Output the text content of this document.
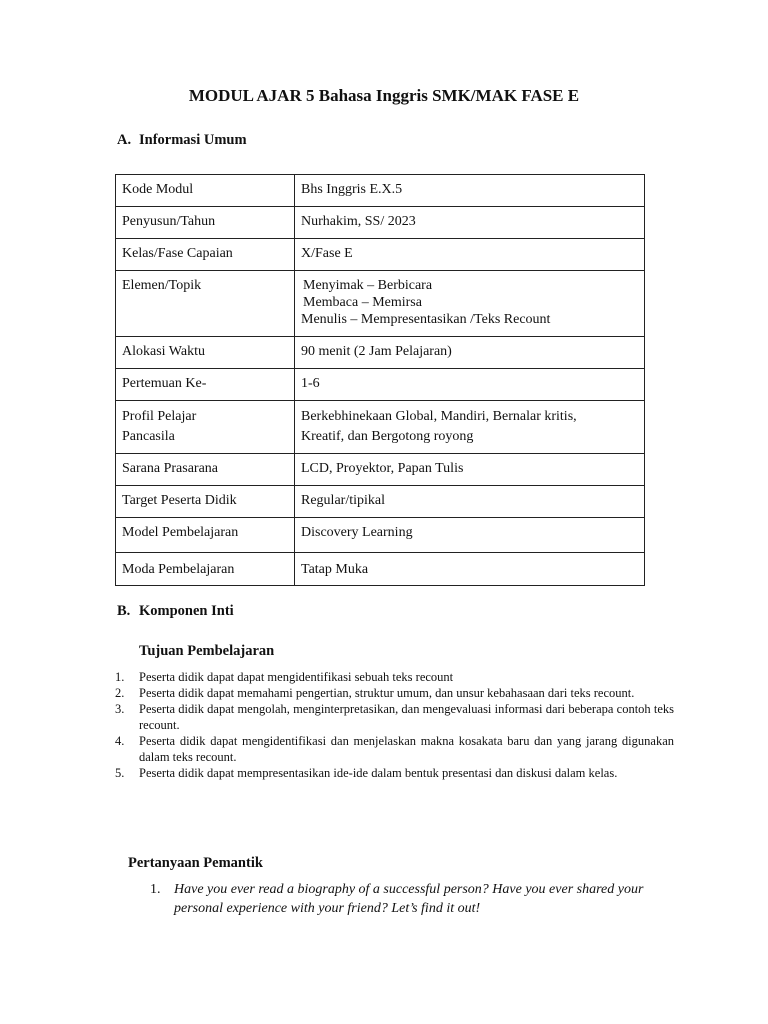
MODUL AJAR 5 Bahasa Inggris SMK/MAK FASE E
A. Informasi Umum
Kode Modul	Bhs Inggris E.X.5
Penyusun/Tahun	Nurhakim, SS/ 2023
Kelas/Fase Capaian	X/Fase E
Elemen/Topik	Menyimak – Berbicara
Membaca – Memirsa
Menulis – Mempresentasikan /Teks Recount

Alokasi Waktu	90 menit (2 Jam Pelajaran)
Pertemuan Ke-	1-6

Profil Pelajar Pancasila	Berkebhinekaan Global, Mandiri, Bernalar kritis, Kreatif, dan Bergotong royong

Sarana Prasarana	LCD, Proyektor, Papan Tulis
Target Peserta Didik	Regular/tipikal
Model Pembelajaran	Discovery Learning
Moda Pembelajaran	Tatap Muka
B. Komponen Inti
Tujuan Pembelajaran
1. Peserta didik dapat dapat mengidentifikasi sebuah teks recount
2. Peserta didik dapat memahami pengertian, struktur umum, dan unsur kebahasaan dari teks recount.
3. Peserta didik dapat mengolah, menginterpretasikan, dan mengevaluasi informasi dari beberapa contoh teks recount.
4. Peserta didik dapat mengidentifikasi dan menjelaskan makna kosakata baru dan yang jarang digunakan dalam teks recount.
5. Peserta didik dapat mempresentasikan ide-ide dalam bentuk presentasi dan diskusi dalam kelas.
Pertanyaan Pemantik
1. Have you ever read a biography of a successful person? Have you ever shared your personal experience with your friend? Let’s find it out!
